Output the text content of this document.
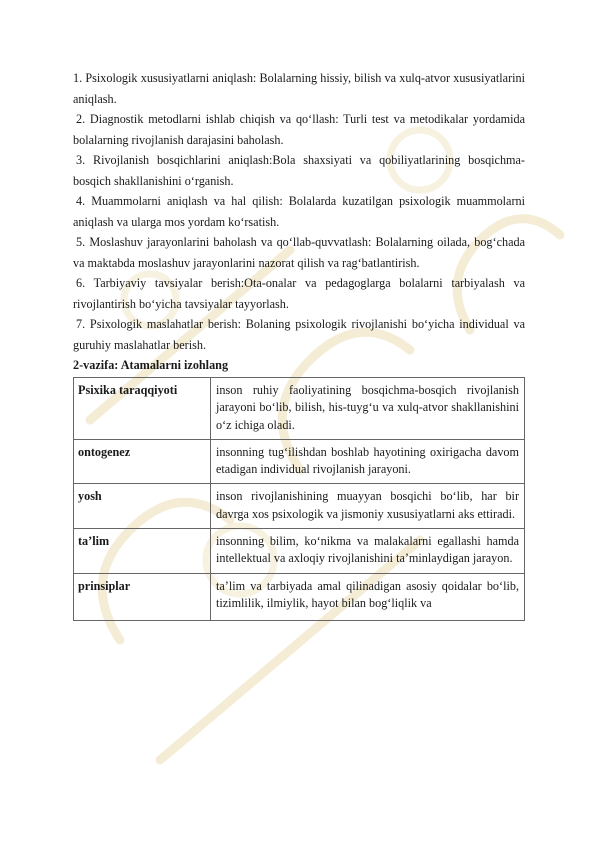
1. Psixologik xususiyatlarni aniqlash: Bolalarning hissiy, bilish va xulq-atvor xususiyatlarini aniqlash.

2. Diagnostik metodlarni ishlab chiqish va qo‘llash: Turli test va metodikalar yordamida bolalarning rivojlanish darajasini baholash.

3. Rivojlanish bosqichlarini aniqlash:Bola shaxsiyati va qobiliyatlarining bosqichma-bosqich shakllanishini o‘rganish.

4. Muammolarni aniqlash va hal qilish: Bolalarda kuzatilgan psixologik muammolarni aniqlash va ularga mos yordam ko‘rsatish.

5. Moslashuv jarayonlarini baholash va qo‘llab-quvvatlash: Bolalarning oilada, bog‘chada va maktabda moslashuv jarayonlarini nazorat qilish va rag‘batlantirish.

6. Tarbiyaviy tavsiyalar berish:Ota-onalar va pedagoglarga bolalarni tarbiyalash va rivojlantirish bo‘yicha tavsiyalar tayyorlash.

7. Psixologik maslahatlar berish: Bolaning psixologik rivojlanishi bo‘yicha individual va guruhiy maslahatlar berish.

2-vazifa: Atamalarni izohlang

Psixika taraqqiyoti	inson ruhiy faoliyatining bosqichma-bosqich rivojlanish jarayoni bo‘lib, bilish, his-tuyg‘u va xulq-atvor shakllanishini o‘z ichiga oladi.
ontogenez	insonning tug‘ilishdan boshlab hayotining oxirigacha davom etadigan individual rivojlanish jarayoni.
yosh	inson rivojlanishining muayyan bosqichi bo‘lib, har bir davrga xos psixologik va jismoniy xususiyatlarni aks ettiradi.
ta’lim	insonning bilim, ko‘nikma va malakalarni egallashi hamda intellektual va axloqiy rivojlanishini ta’minlaydigan jarayon.
prinsiplar	ta’lim va tarbiyada amal qilinadigan asosiy qoidalar bo‘lib, tizimlilik, ilmiylik, hayot bilan bog‘liqlik va
